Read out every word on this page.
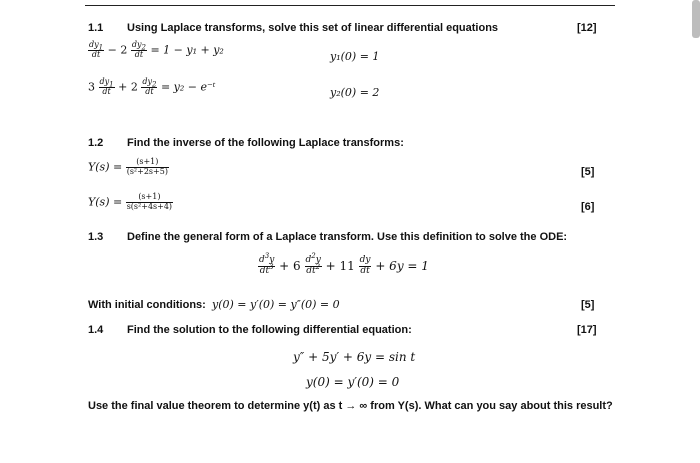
1.1 Using Laplace transforms, solve this set of linear differential equations	[12]
$\frac{dy_1}{dt} - 2 \frac{dy_2}{dt} = 1 - y_1 + y_2$
y₁(0) = 1
$3 \frac{dy_1}{dt} + 2 \frac{dy_2}{dt} = y_2$ − e⁻ᵗ	y₂(0) = 2
1.2 Find the inverse of the following Laplace transforms:
$Y(s) = \frac{(s+1)}{\text{(s²+2s+5)}}$	[5]
$Y(s) = \frac{(s+1)}{\text{s(s²+4s+4)}}$	[6]
1.3 Define the general form of a Laplace transform. Use this definition to solve the ODE:
$\frac{d^3y}{dt^3} + 6 \frac{d^2y}{dt^2} + 11 \frac{dy}{dt} + 6y = 1$
With initial conditions: y(0) = y′(0) = y″(0) = 0	[5]
1.4 Find the solution to the following differential equation:	[17]
y″ + 5y′ + 6y = sin t
y(0) = y′(0) = 0
Use the final value theorem to determine y(t) as t → ∞ from Y(s). What can you say about this result?
